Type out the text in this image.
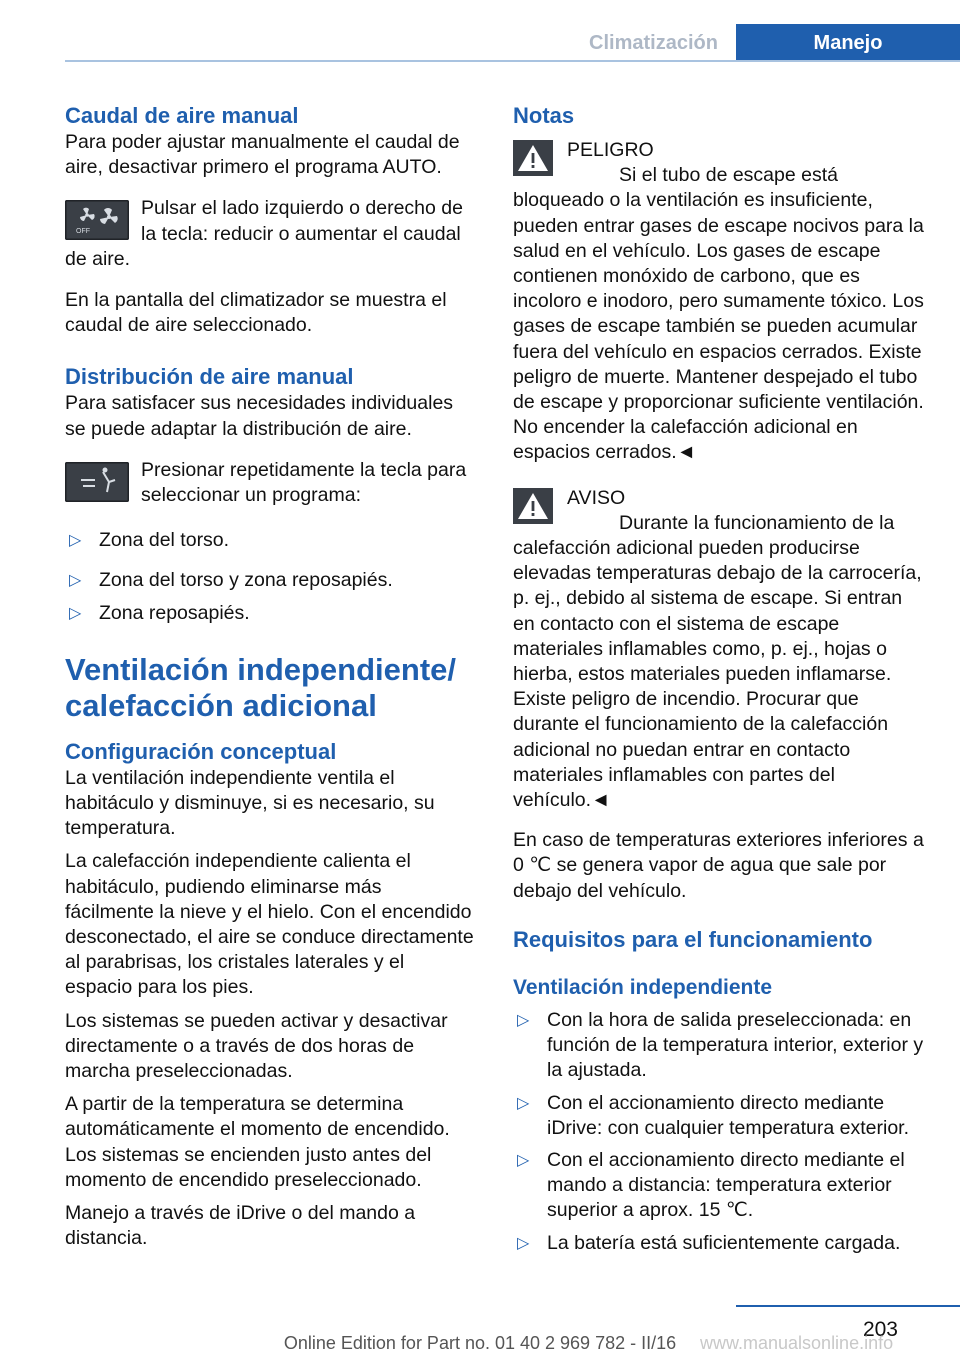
Climatización	Manejo

Caudal de aire manual

Para poder ajustar manualmente el caudal de aire, desactivar primero el programa AUTO.

OFF

Pulsar el lado izquierdo o derecho de la tecla: reducir o aumentar el caudal de aire.

En la pantalla del climatizador se muestra el caudal de aire seleccionado.

Distribución de aire manual

Para satisfacer sus necesidades individuales se puede adaptar la distribución de aire.

Presionar repetidamente la tecla para seleccionar un programa:

▷ Zona del torso.
▷ Zona del torso y zona reposapiés.
▷ Zona reposapiés.

Ventilación independiente/ calefacción adicional

Configuración conceptual

La ventilación independiente ventila el habitáculo y disminuye, si es necesario, su temperatura.

La calefacción independiente calienta el habitáculo, pudiendo eliminarse más fácilmente la nieve y el hielo. Con el encendido desconectado, el aire se conduce directamente al parabrisas, los cristales laterales y el espacio para los pies.

Los sistemas se pueden activar y desactivar directamente o a través de dos horas de marcha preseleccionadas.

A partir de la temperatura se determina automáticamente el momento de encendido. Los sistemas se encienden justo antes del momento de encendido preseleccionado.

Manejo a través de iDrive o del mando a distancia.

Notas

PELIGRO

Si el tubo de escape está bloqueado o la ventilación es insuficiente, pueden entrar gases de escape nocivos para la salud en el vehículo. Los gases de escape contienen monóxido de carbono, que es incoloro e inodoro, pero sumamente tóxico. Los gases de escape también se pueden acumular fuera del vehículo en espacios cerrados. Existe peligro de muerte. Mantener despejado el tubo de escape y proporcionar suficiente ventilación. No encender la calefacción adicional en espacios cerrados.◄

AVISO

Durante la funcionamiento de la calefacción adicional pueden producirse elevadas temperaturas debajo de la carrocería, p. ej., debido al sistema de escape. Si entran en contacto con el sistema de escape materiales inflamables como, p. ej., hojas o hierba, estos materiales pueden inflamarse. Existe peligro de incendio. Procurar que durante el funcionamiento de la calefacción adicional no puedan entrar en contacto materiales inflamables con partes del vehículo.◄

En caso de temperaturas exteriores inferiores a 0 ℃ se genera vapor de agua que sale por debajo del vehículo.

Requisitos para el funcionamiento

Ventilación independiente

▷ Con la hora de salida preseleccionada: en función de la temperatura interior, exterior y la ajustada.
▷ Con el accionamiento directo mediante iDrive: con cualquier temperatura exterior.
▷ Con el accionamiento directo mediante el mando a distancia: temperatura exterior superior a aprox. 15 ℃.
▷ La batería está suficientemente cargada.
203
www.manualsonline.info
Online Edition for Part no. 01 40 2 969 782 - II/16
